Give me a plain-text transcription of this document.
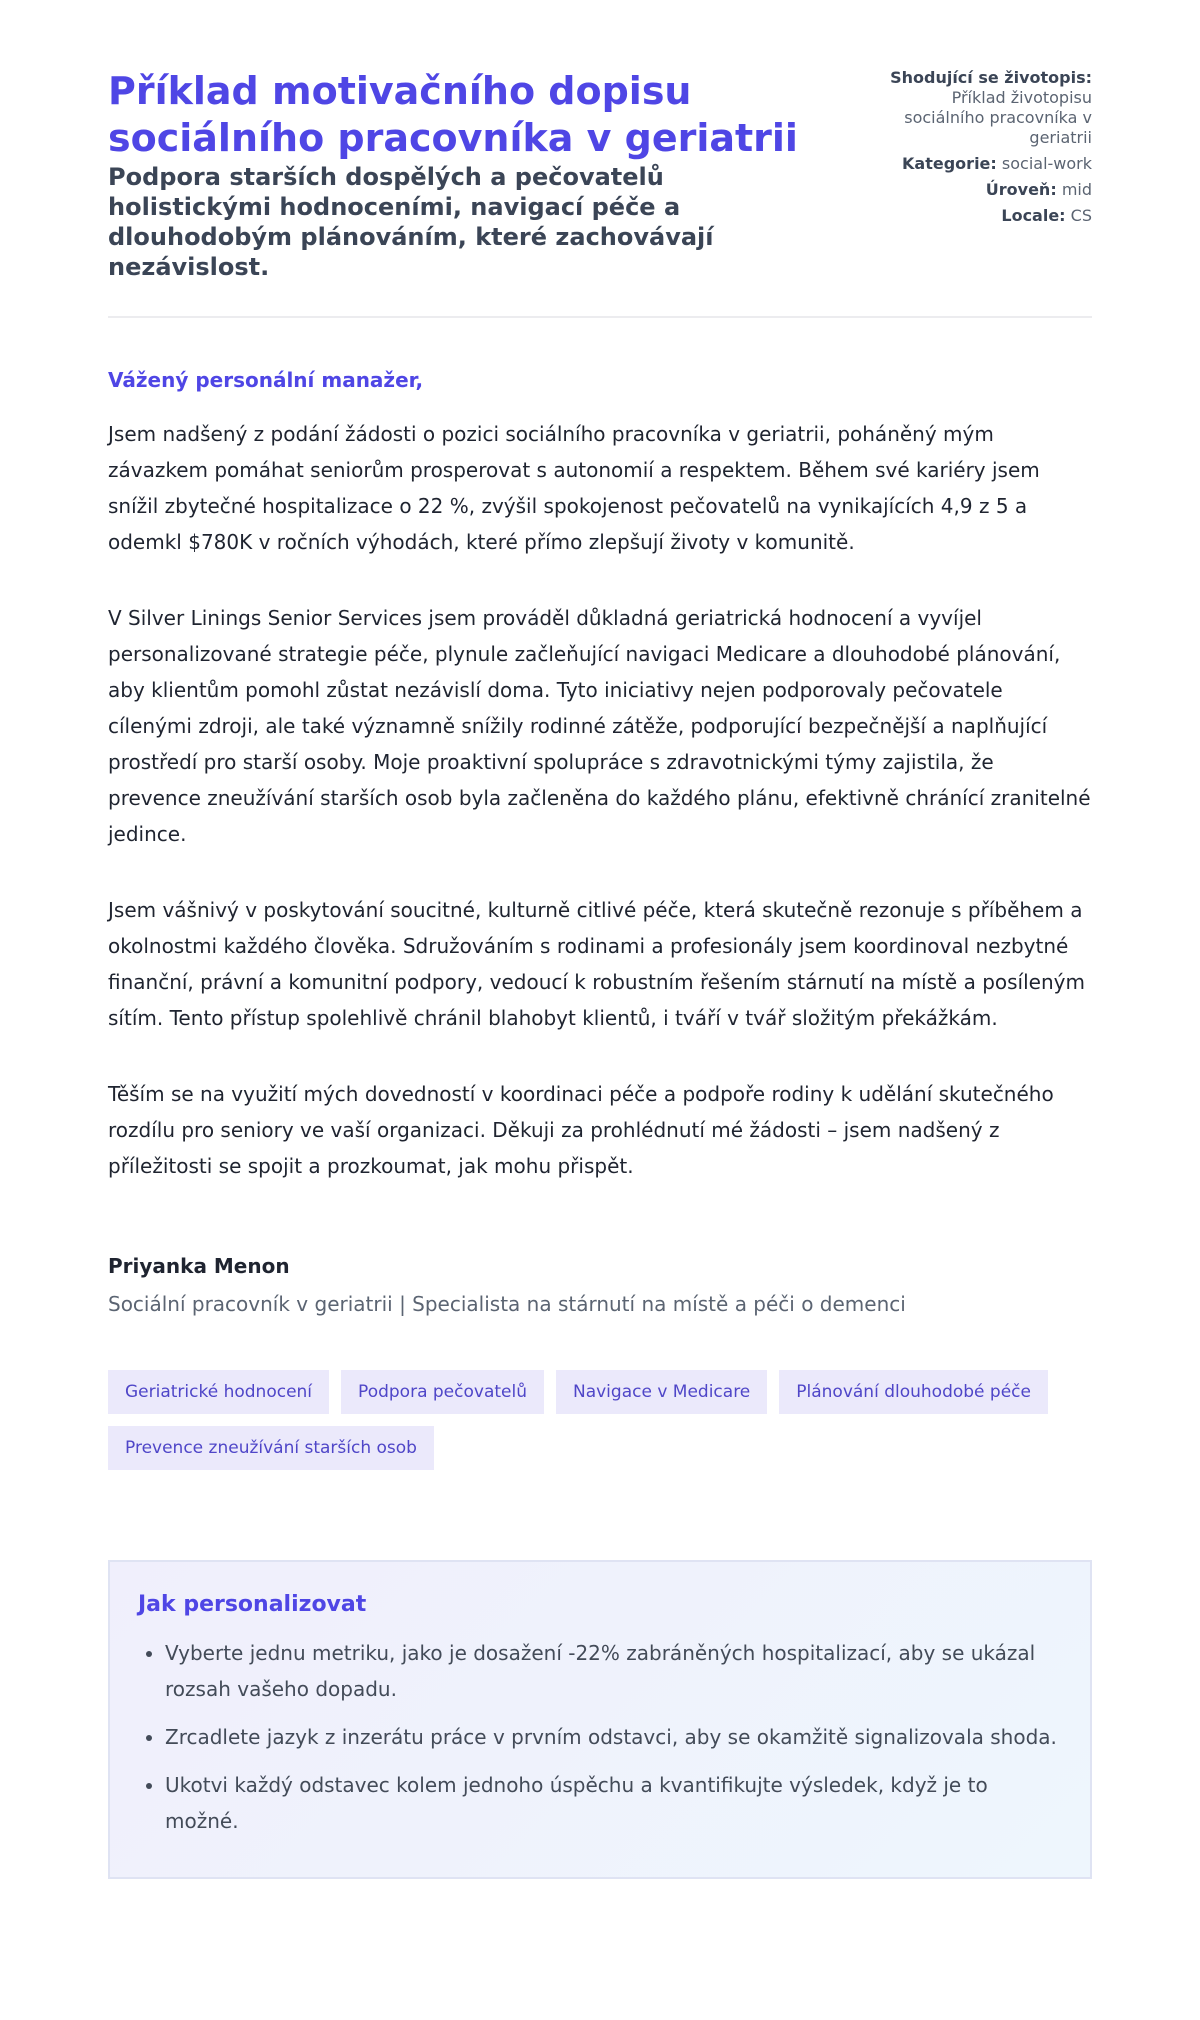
Příklad motivačního dopisu sociálního pracovníka v geriatrii
Podpora starších dospělých a pečovatelů holistickými hodnoceními, navigací péče a dlouhodobým plánováním, které zachovávají nezávislost.
Shodující se životopis:
Příklad životopisu sociálního pracovníka v geriatrii
Kategorie: social-work
Úroveň: mid
Locale: CS
Vážený personální manažer,

Jsem nadšený z podání žádosti o pozici sociálního pracovníka v geriatrii, poháněný mým závazkem pomáhat seniorům prosperovat s autonomií a respektem. Během své kariéry jsem snížil zbytečné hospitalizace o 22 %, zvýšil spokojenost pečovatelů na vynikajících 4,9 z 5 a odemkl $780K v ročních výhodách, které přímo zlepšují životy v komunitě.

V Silver Linings Senior Services jsem prováděl důkladná geriatrická hodnocení a vyvíjel personalizované strategie péče, plynule začleňující navigaci Medicare a dlouhodobé plánování, aby klientům pomohl zůstat nezávislí doma. Tyto iniciativy nejen podporovaly pečovatele cílenými zdroji, ale také významně snížily rodinné zátěže, podporující bezpečnější a naplňující prostředí pro starší osoby. Moje proaktivní spolupráce s zdravotnickými týmy zajistila, že prevence zneužívání starších osob byla začleněna do každého plánu, efektivně chránící zranitelné jedince.

Jsem vášnivý v poskytování soucitné, kulturně citlivé péče, která skutečně rezonuje s příběhem a okolnostmi každého člověka. Sdružováním s rodinami a profesionály jsem koordinoval nezbytné finanční, právní a komunitní podpory, vedoucí k robustním řešením stárnutí na místě a posíleným sítím. Tento přístup spolehlivě chránil blahobyt klientů, i tváří v tvář složitým překážkám.

Těším se na využití mých dovedností v koordinaci péče a podpoře rodiny k udělání skutečného rozdílu pro seniory ve vaší organizaci. Děkuji za prohlédnutí mé žádosti – jsem nadšený z příležitosti se spojit a prozkoumat, jak mohu přispět.

Priyanka Menon
Sociální pracovník v geriatrii | Specialista na stárnutí na místě a péči o demenci
Geriatrické hodnocení	Podpora pečovatelů	Navigace v Medicare	Plánování dlouhodobé péče
Prevence zneužívání starších osob
Jak personalizovat
• Vyberte jednu metriku, jako je dosažení -22% zabráněných hospitalizací, aby se ukázal rozsah vašeho dopadu.
• Zrcadlete jazyk z inzerátu práce v prvním odstavci, aby se okamžitě signalizovala shoda.
• Ukotvi každý odstavec kolem jednoho úspěchu a kvantifikujte výsledek, když je to možné.
